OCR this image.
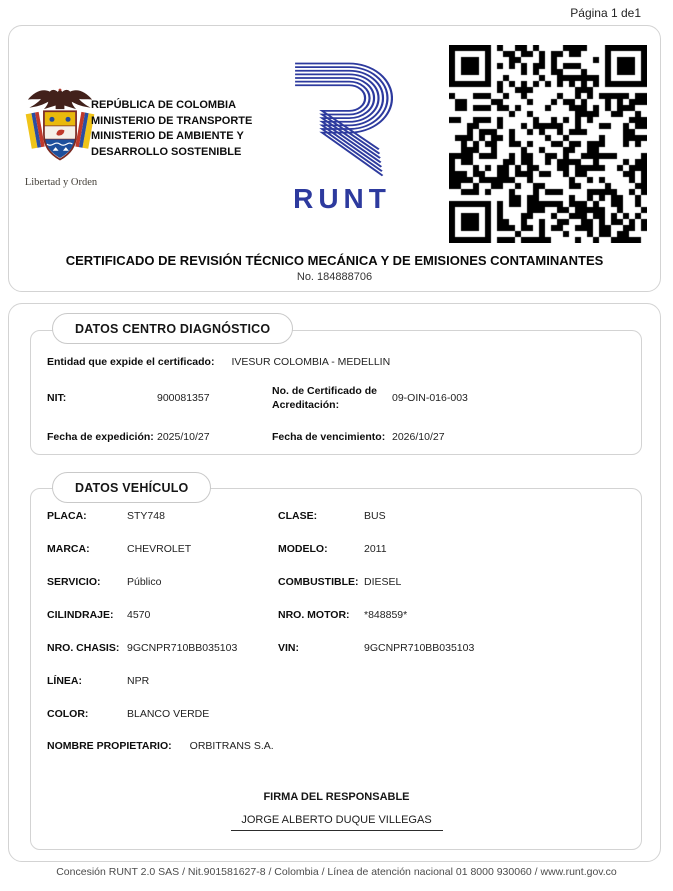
Página 1 de1
Libertad y Orden
REPÚBLICA DE COLOMBIA
MINISTERIO DE TRANSPORTE
MINISTERIO DE AMBIENTE Y
DESARROLLO SOSTENIBLE
RUNT
CERTIFICADO DE REVISIÓN TÉCNICO MECÁNICA Y DE EMISIONES CONTAMINANTES
No. 184888706
DATOS CENTRO DIAGNÓSTICO
Entidad que expide el certificado: IVESUR COLOMBIA - MEDELLIN
NIT:	900081357
No. de Certificado de Acreditación:
09-OIN-016-003
Fecha de expedición: 2025/10/27	Fecha de vencimiento: 2026/10/27
DATOS VEHÍCULO
PLACA:	STY748	CLASE:	BUS
MARCA:	CHEVROLET	MODELO:	2011
SERVICIO:	Público	COMBUSTIBLE: DIESEL
CILINDRAJE:	4570	NRO. MOTOR:	*848859*
NRO. CHASIS: 9GCNPR710BB035103	VIN:	9GCNPR710BB035103
LÍNEA:	NPR
COLOR:	BLANCO VERDE
NOMBRE PROPIETARIO: ORBITRANS S.A.
FIRMA DEL RESPONSABLE
JORGE ALBERTO DUQUE VILLEGAS
Concesión RUNT 2.0 SAS / Nit.901581627-8 / Colombia / Línea de atención nacional 01 8000 930060 / www.runt.gov.co
